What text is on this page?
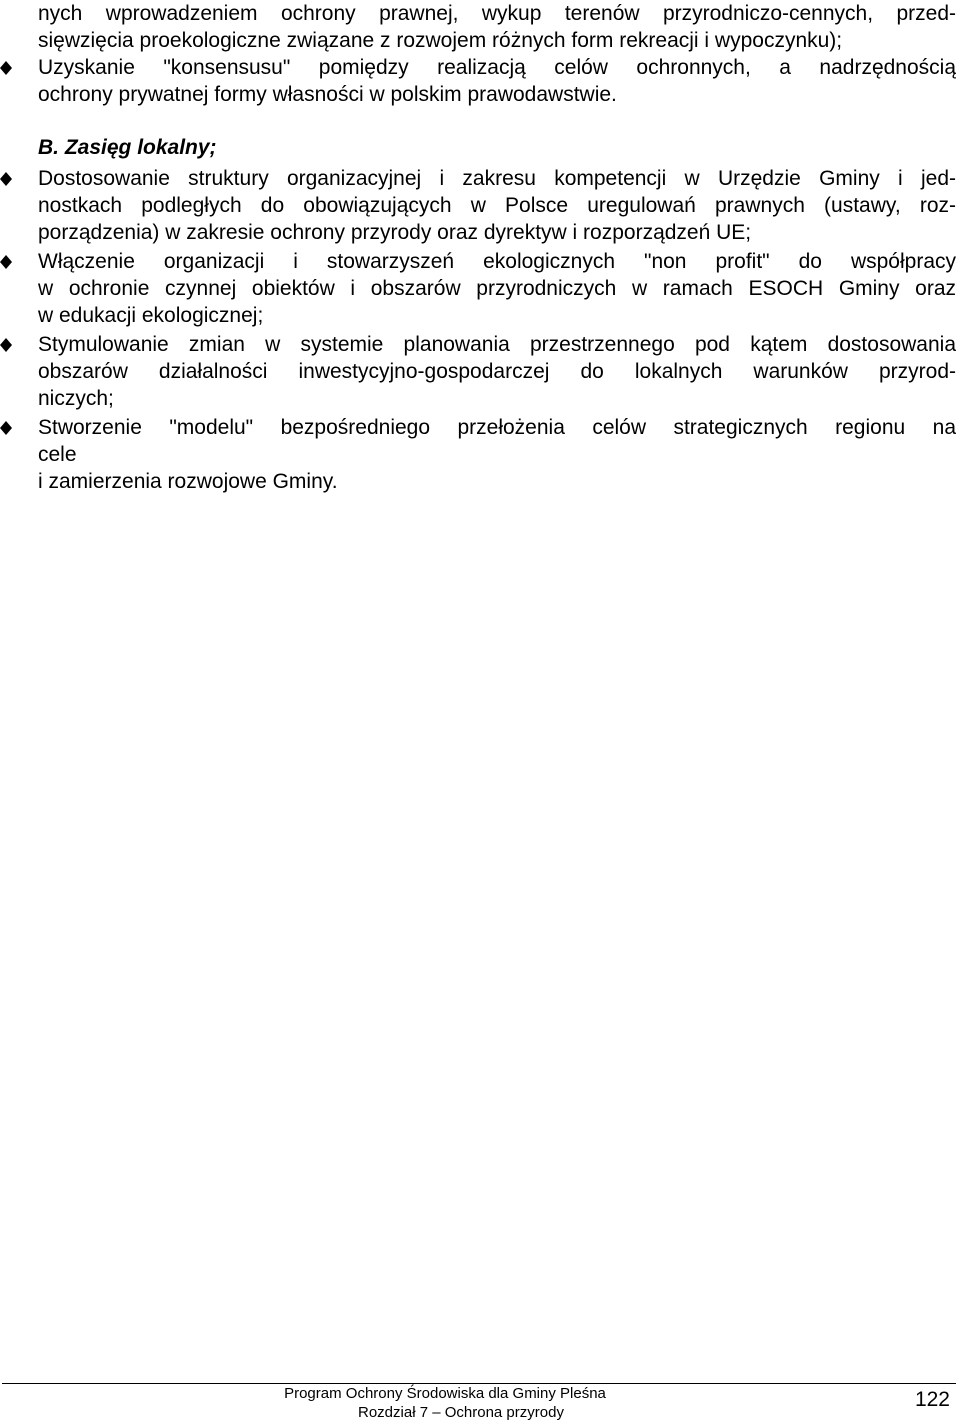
nych wprowadzeniem ochrony prawnej, wykup terenów przyrodniczo-cennych, przed-
sięwzięcia proekologiczne związane z rozwojem różnych form rekreacji i wypoczynku);
Uzyskanie "konsensusu" pomiędzy realizacją celów ochronnych, a nadrzędnością
ochrony prywatnej formy własności w polskim prawodawstwie.
B. Zasięg lokalny;
Dostosowanie struktury organizacyjnej i zakresu kompetencji w Urzędzie Gminy i jed-
nostkach podległych do obowiązujących w Polsce uregulowań prawnych (ustawy, roz-
porządzenia) w zakresie ochrony przyrody oraz dyrektyw i rozporządzeń UE;
Włączenie organizacji i stowarzyszeń ekologicznych "non profit" do współpracy
w ochronie czynnej obiektów i obszarów przyrodniczych w ramach ESOCH Gminy oraz
w edukacji ekologicznej;
Stymulowanie zmian w systemie planowania przestrzennego pod kątem dostosowania
obszarów działalności inwestycyjno-gospodarczej do lokalnych warunków przyrod-
niczych;
Stworzenie "modelu" bezpośredniego przełożenia celów strategicznych regionu na
cele
i zamierzenia rozwojowe Gminy.
Program Ochrony Środowiska dla Gminy Pleśna
Rozdział 7 – Ochrona przyrody
122
